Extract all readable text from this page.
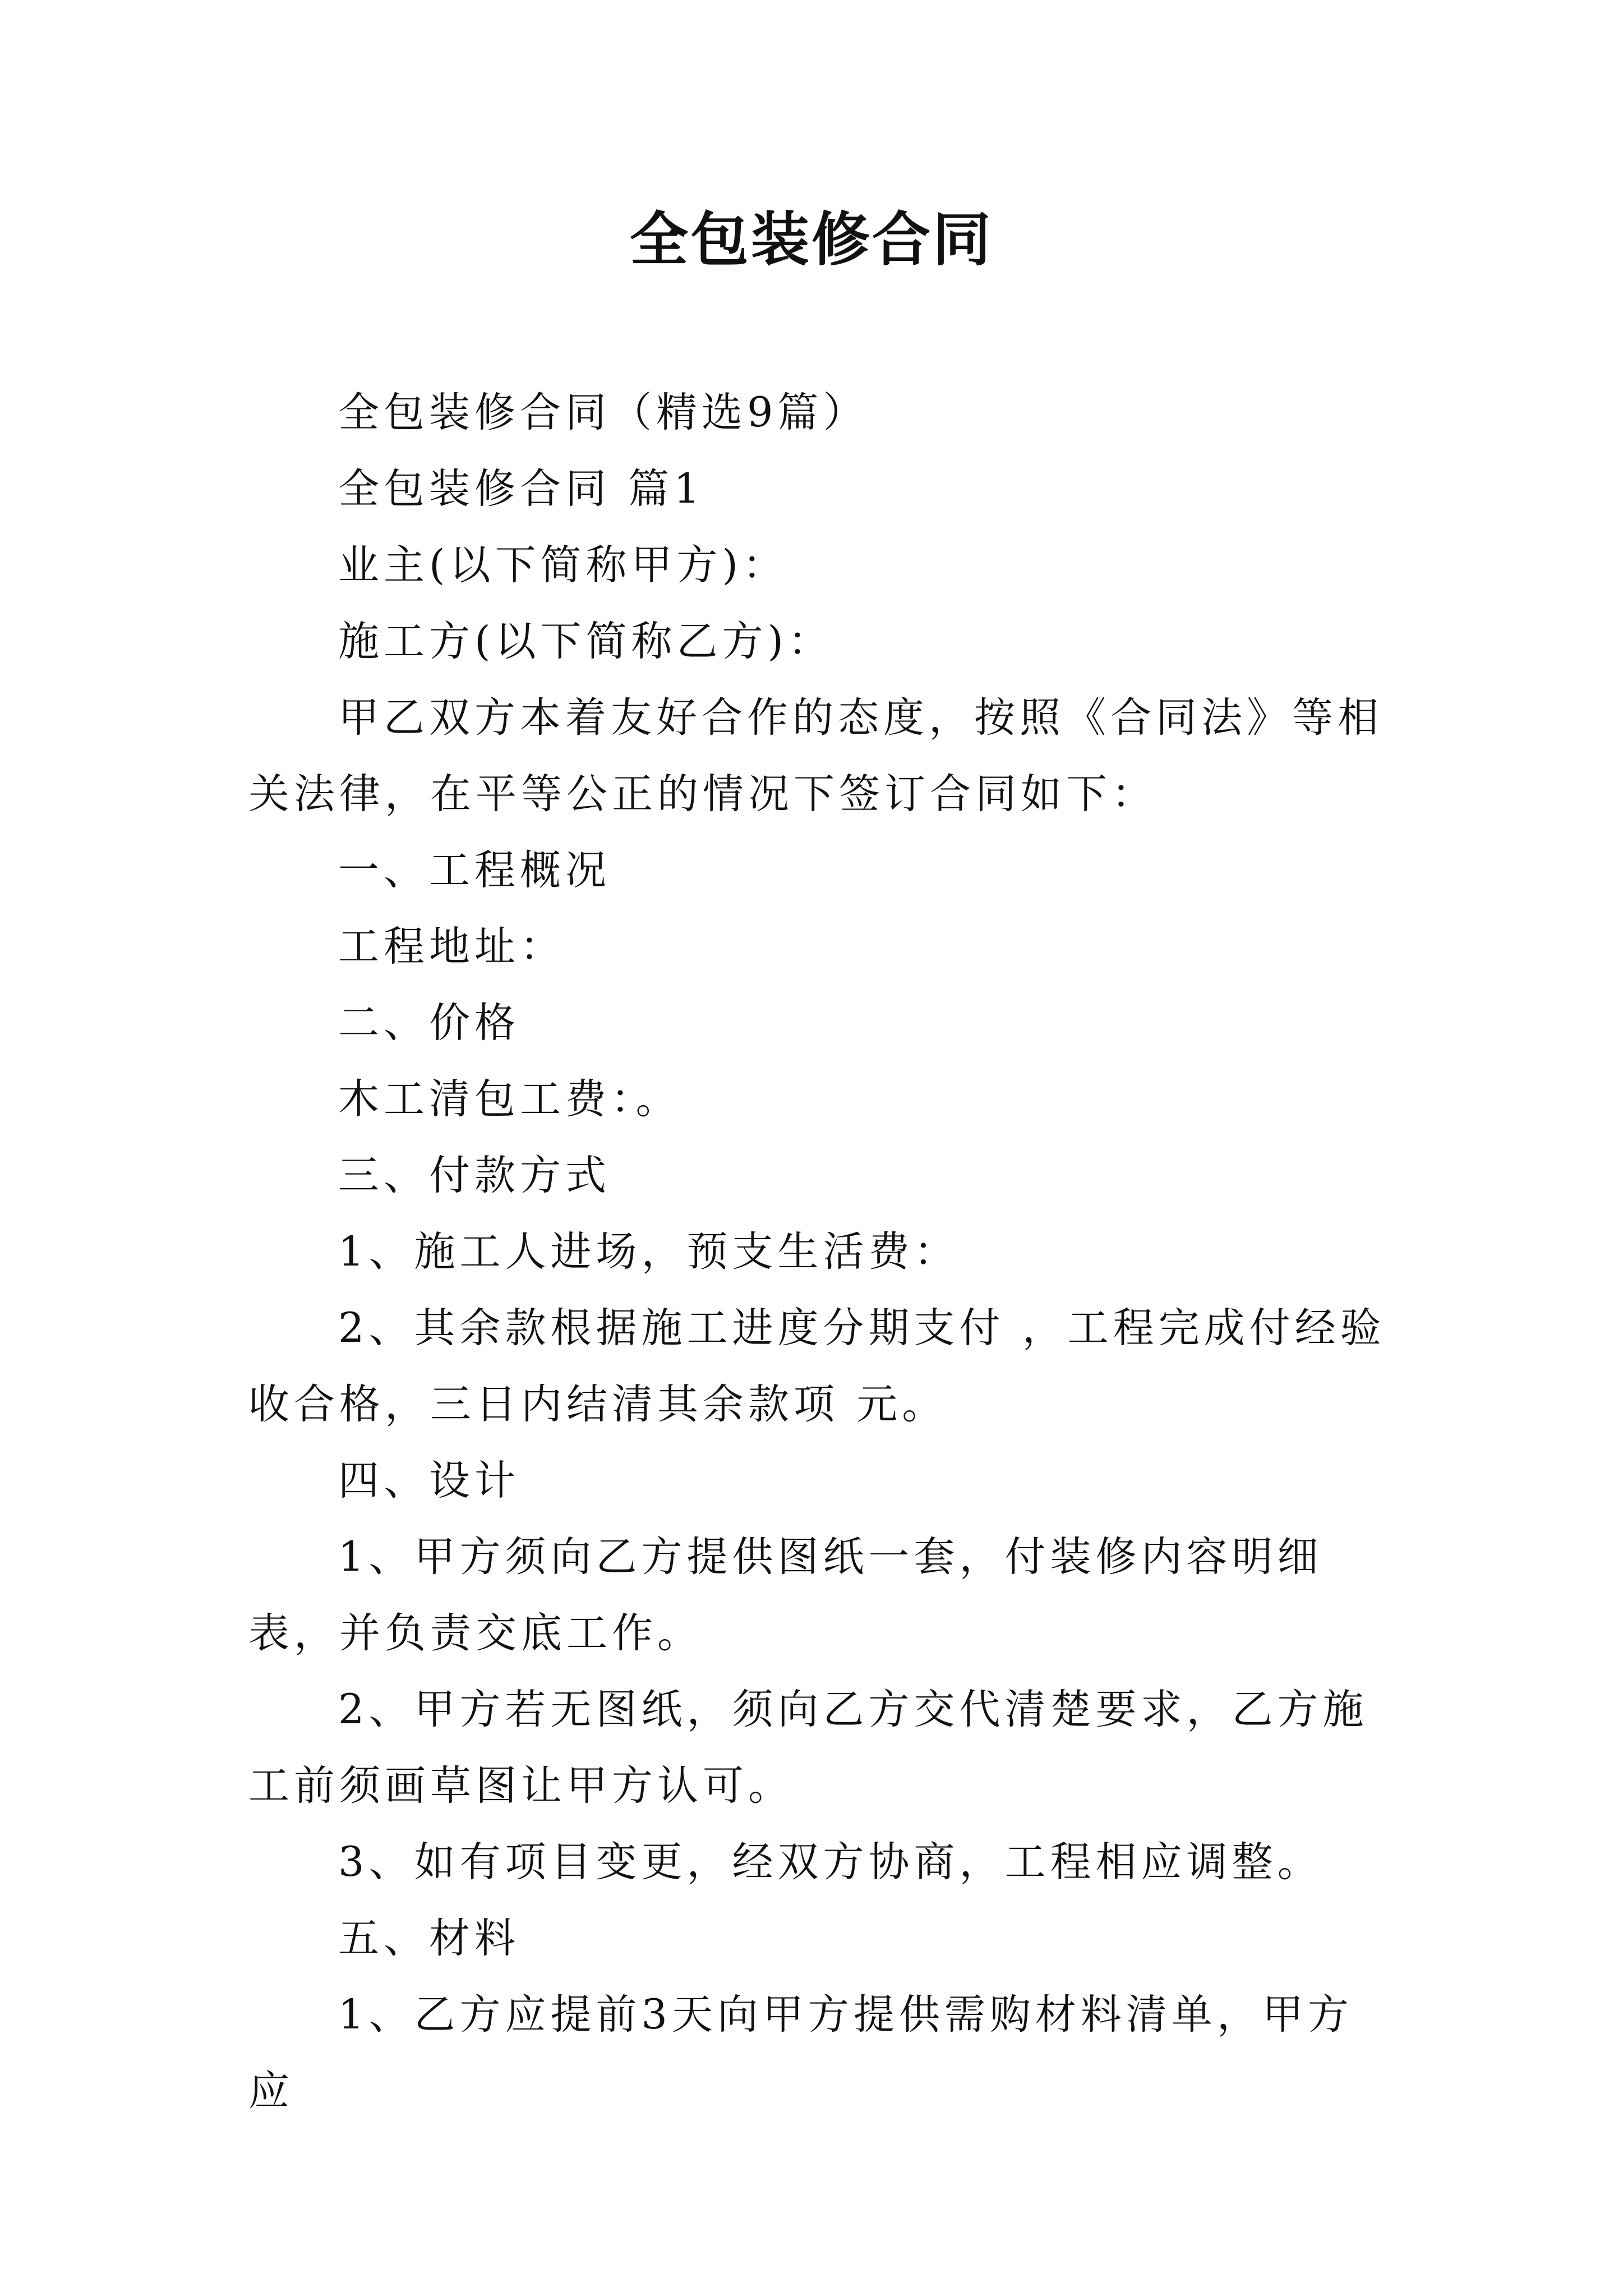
全包装修合同

全包装修合同（精选9篇）

全包装修合同 篇1

业主(以下简称甲方)：

施工方(以下简称乙方)：

甲乙双方本着友好合作的态度，按照《合同法》等相关法律，在平等公正的情况下签订合同如下：

一、工程概况

工程地址：

二、价格

木工清包工费：。

三、付款方式

1、施工人进场，预支生活费：

2、其余款根据施工进度分期支付 ，工程完成付经验收合格，三日内结清其余款项 元。

四、设计

1、甲方须向乙方提供图纸一套，付装修内容明细表，并负责交底工作。

2、甲方若无图纸，须向乙方交代清楚要求，乙方施工前须画草图让甲方认可。

3、如有项目变更，经双方协商，工程相应调整。

五、材料

1、乙方应提前3天向甲方提供需购材料清单，甲方应
